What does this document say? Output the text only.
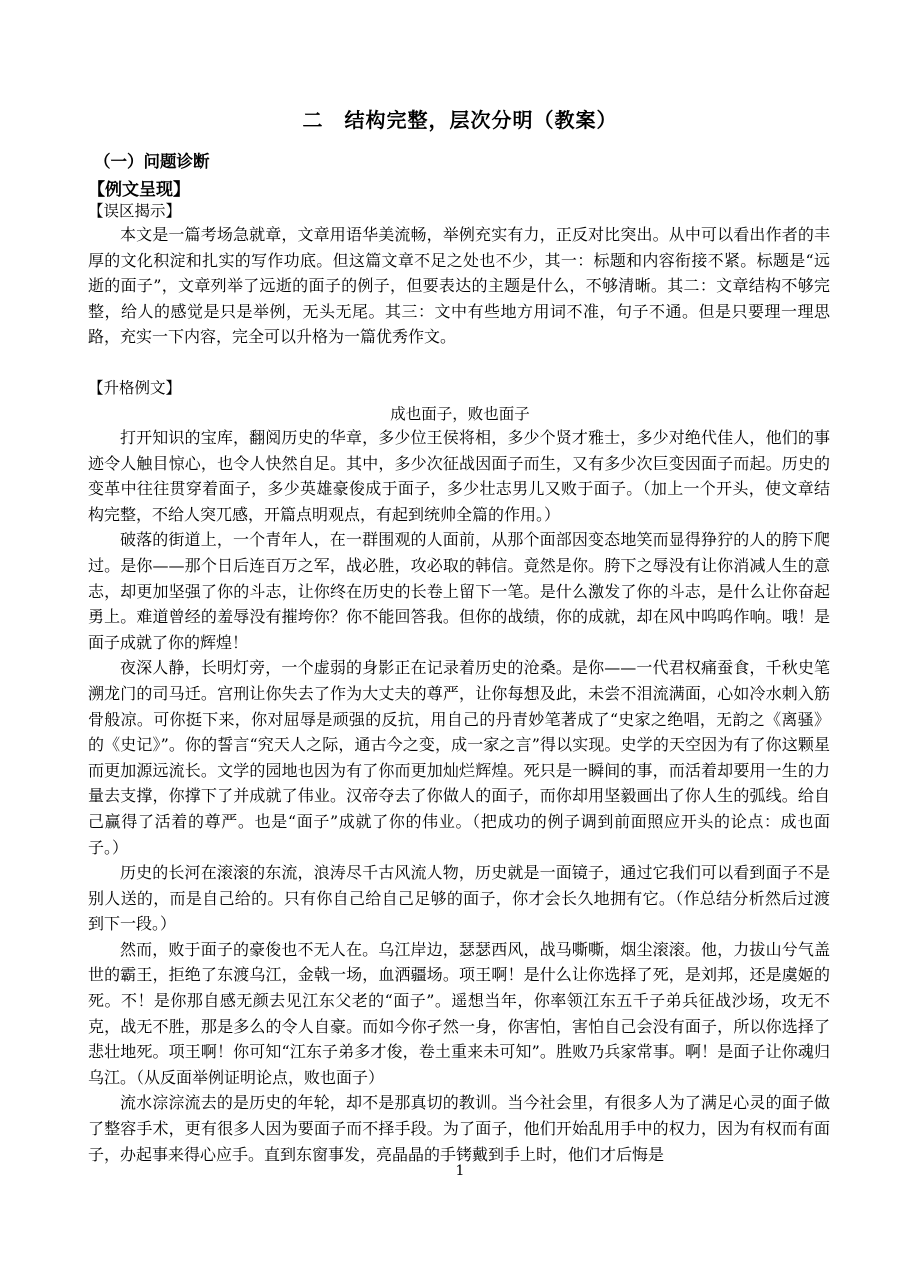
二　结构完整，层次分明（教案）
（一）问题诊断
【例文呈现】
【误区揭示】

本文是一篇考场急就章，文章用语华美流畅，举例充实有力，正反对比突出。从中可以看出作者的丰厚的文化积淀和扎实的写作功底。但这篇文章不足之处也不少，其一：标题和内容衔接不紧。标题是“远逝的面子”，文章列举了远逝的面子的例子，但要表达的主题是什么，不够清晰。其二：文章结构不够完整，给人的感觉是只是举例，无头无尾。其三：文中有些地方用词不准，句子不通。但是只要理一理思路，充实一下内容，完全可以升格为一篇优秀作文。

【升格例文】
成也面子，败也面子

打开知识的宝库，翻阅历史的华章，多少位王侯将相，多少个贤才雅士，多少对绝代佳人，他们的事迹令人触目惊心，也令人快然自足。其中，多少次征战因面子而生，又有多少次巨变因面子而起。历史的变革中往往贯穿着面子，多少英雄豪俊成于面子，多少壮志男儿又败于面子。（加上一个开头，使文章结构完整，不给人突兀感，开篇点明观点，有起到统帅全篇的作用。）

破落的街道上，一个青年人，在一群围观的人面前，从那个面部因变态地笑而显得狰狞的人的胯下爬过。是你——那个日后连百万之军，战必胜，攻必取的韩信。竟然是你。胯下之辱没有让你消减人生的意志，却更加坚强了你的斗志，让你终在历史的长卷上留下一笔。是什么激发了你的斗志，是什么让你奋起勇上。难道曾经的羞辱没有摧垮你？你不能回答我。但你的战绩，你的成就，却在风中呜呜作响。哦！是面子成就了你的辉煌！

夜深人静，长明灯旁，一个虚弱的身影正在记录着历史的沧桑。是你——一代君权痛蚕食，千秋史笔溯龙门的司马迁。宫刑让你失去了作为大丈夫的尊严，让你每想及此，未尝不泪流满面，心如冷水刺入筋骨般凉。可你挺下来，你对屈辱是顽强的反抗，用自己的丹青妙笔著成了“史家之绝唱，无韵之《离骚》的《史记》”。你的誓言“究天人之际，通古今之变，成一家之言”得以实现。史学的天空因为有了你这颗星而更加源远流长。文学的园地也因为有了你而更加灿烂辉煌。死只是一瞬间的事，而活着却要用一生的力量去支撑，你撑下了并成就了伟业。汉帝夺去了你做人的面子，而你却用坚毅画出了你人生的弧线。给自己赢得了活着的尊严。也是“面子”成就了你的伟业。（把成功的例子调到前面照应开头的论点：成也面子。）

历史的长河在滚滚的东流，浪涛尽千古风流人物，历史就是一面镜子，通过它我们可以看到面子不是别人送的，而是自己给的。只有你自己给自己足够的面子，你才会长久地拥有它。（作总结分析然后过渡到下一段。）

然而，败于面子的豪俊也不无人在。乌江岸边，瑟瑟西风，战马嘶嘶，烟尘滚滚。他，力拔山兮气盖世的霸王，拒绝了东渡乌江，金戟一场，血洒疆场。项王啊！是什么让你选择了死，是刘邦，还是虞姬的死。不！是你那自感无颜去见江东父老的“面子”。遥想当年，你率领江东五千子弟兵征战沙场，攻无不克，战无不胜，那是多么的令人自豪。而如今你孑然一身，你害怕，害怕自己会没有面子，所以你选择了悲壮地死。项王啊！你可知“江东子弟多才俊，卷土重来未可知”。胜败乃兵家常事。啊！是面子让你魂归乌江。（从反面举例证明论点，败也面子）

流水淙淙流去的是历史的年轮，却不是那真切的教训。当今社会里，有很多人为了满足心灵的面子做了整容手术，更有很多人因为要面子而不择手段。为了面子，他们开始乱用手中的权力，因为有权而有面子，办起事来得心应手。直到东窗事发，亮晶晶的手铐戴到手上时，他们才后悔是

1
